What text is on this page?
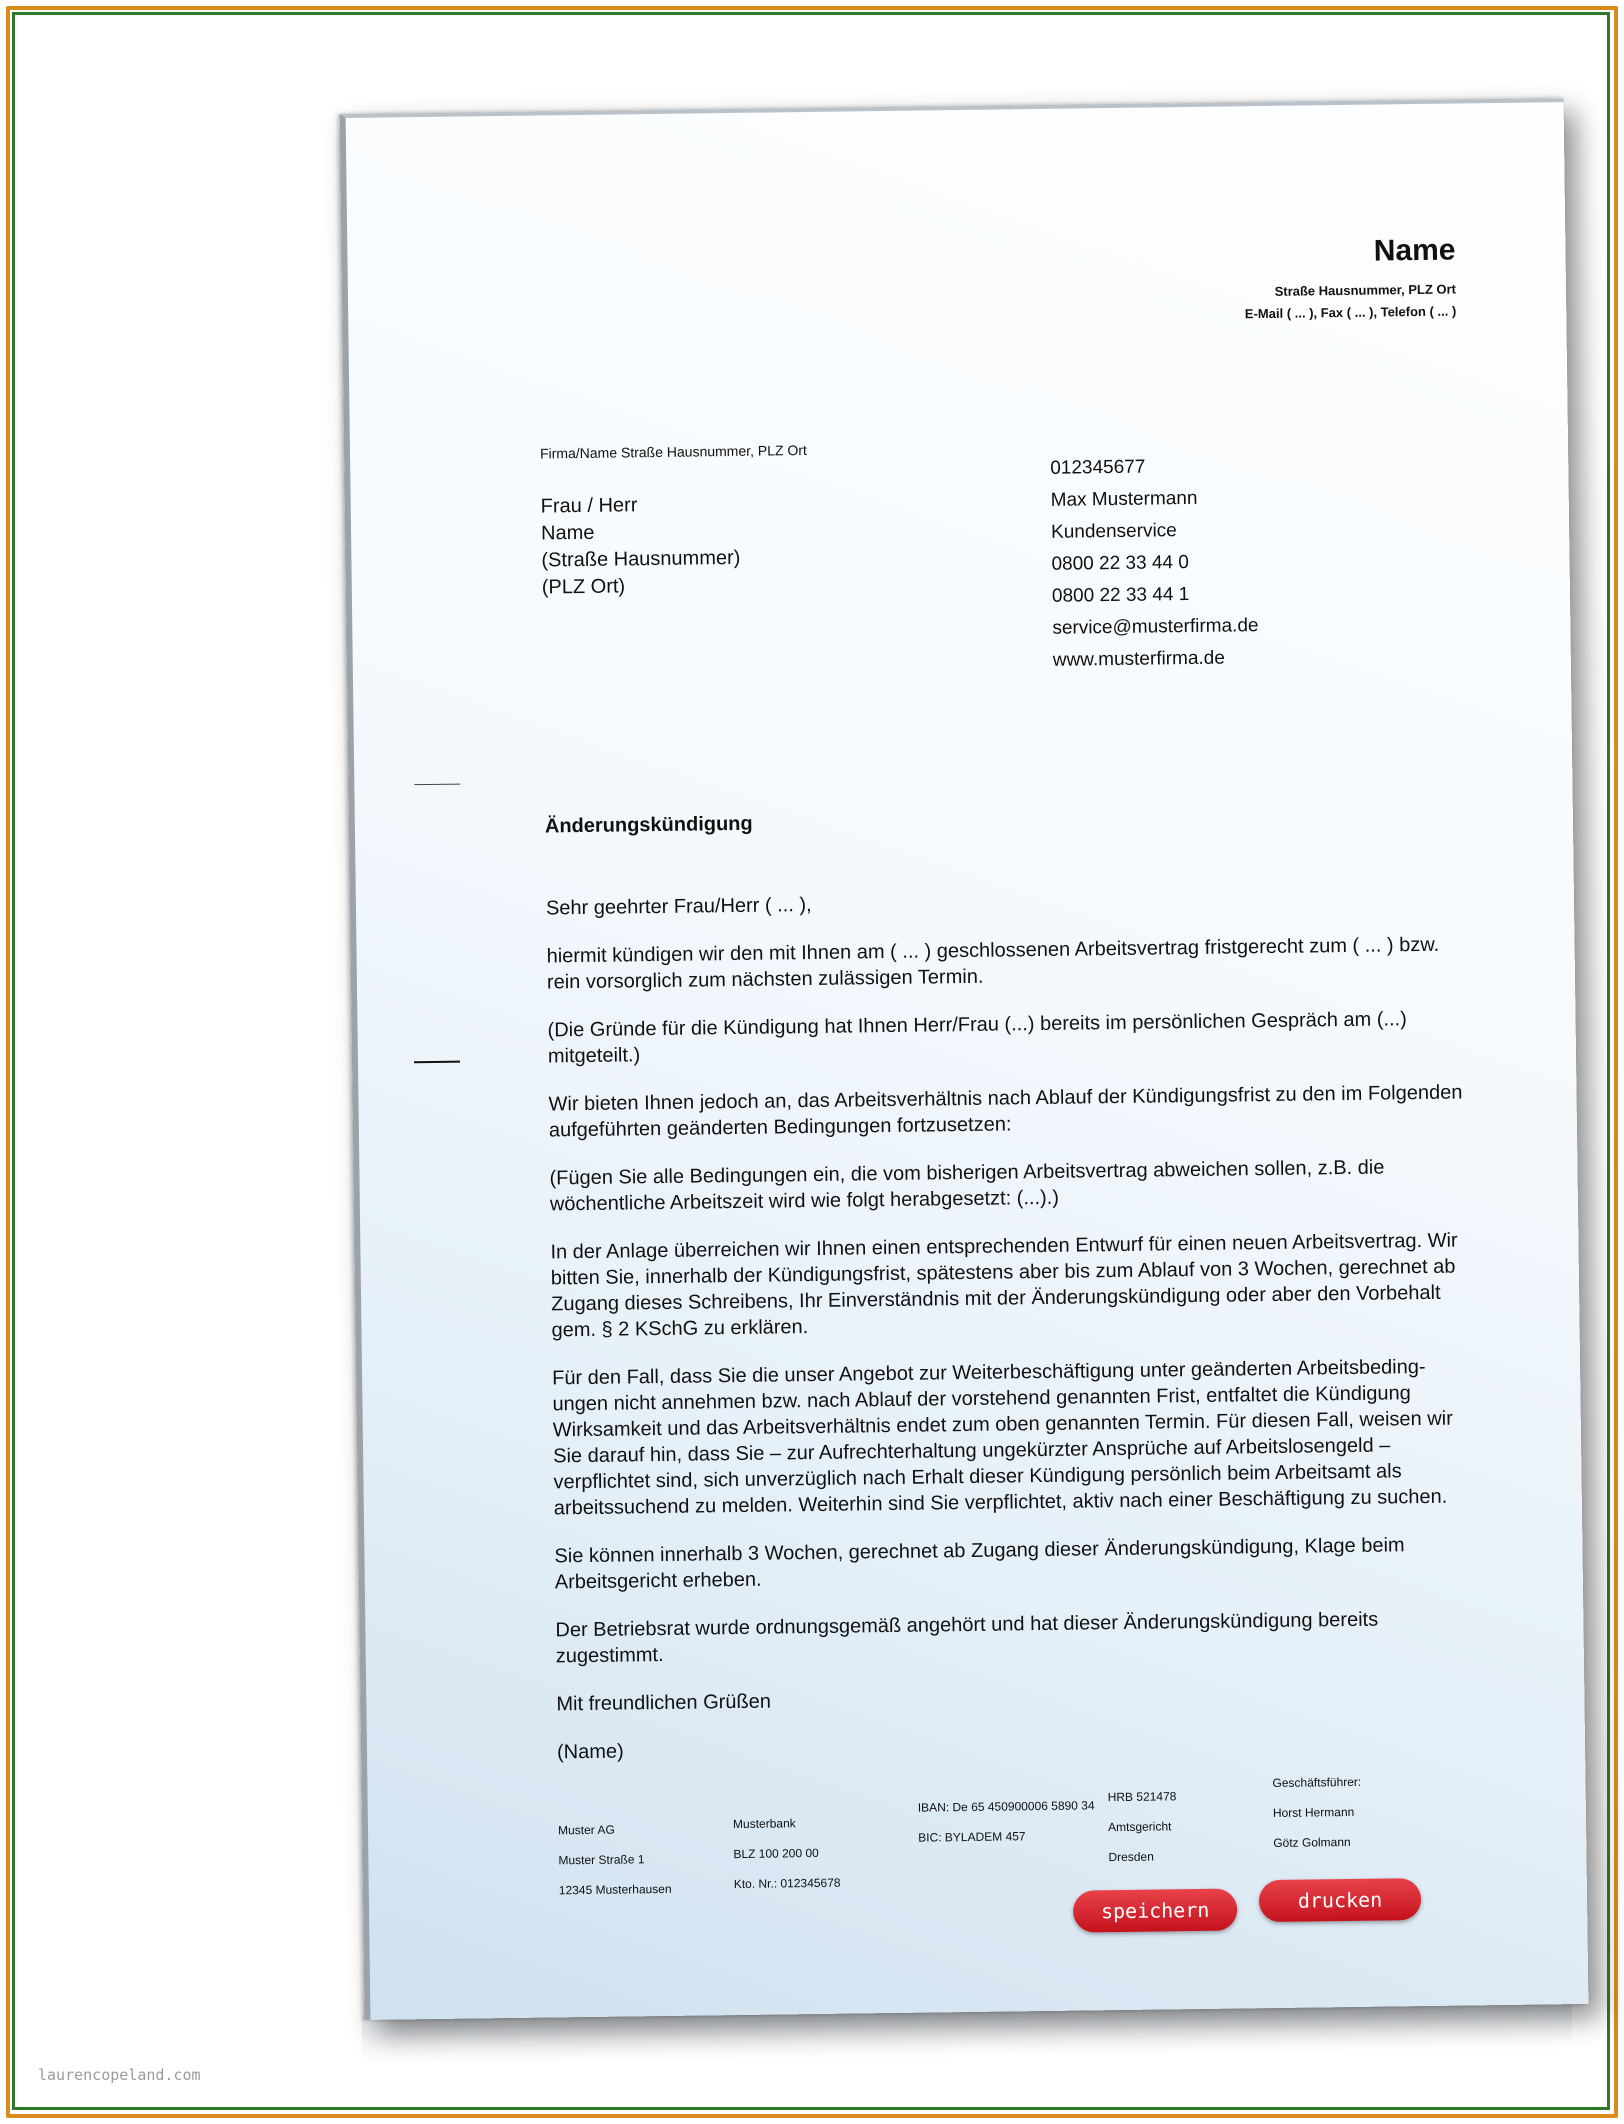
Name
Straße Hausnummer, PLZ Ort
E-Mail ( ... ), Fax ( ... ), Telefon ( ... )
Firma/Name Straße Hausnummer, PLZ Ort
Frau / Herr
Name
(Straße Hausnummer)
(PLZ Ort)
012345677
Max Mustermann
Kundenservice
0800 22 33 44 0
0800 22 33 44 1
service@musterfirma.de
www.musterfirma.de
Änderungskündigung

Sehr geehrter Frau/Herr ( ... ),

hiermit kündigen wir den mit Ihnen am ( ... ) geschlossenen Arbeitsvertrag fristgerecht zum ( ... ) bzw. rein vorsorglich zum nächsten zulässigen Termin.

(Die Gründe für die Kündigung hat Ihnen Herr/Frau (...) bereits im persönlichen Gespräch am (...) mitgeteilt.)

Wir bieten Ihnen jedoch an, das Arbeitsverhältnis nach Ablauf der Kündigungsfrist zu den im Folgenden aufgeführten geänderten Bedingungen fortzusetzen:

(Fügen Sie alle Bedingungen ein, die vom bisherigen Arbeitsvertrag abweichen sollen, z.B. die wöchentliche Arbeitszeit wird wie folgt herabgesetzt: (...).)

In der Anlage überreichen wir Ihnen einen entsprechenden Entwurf für einen neuen Arbeitsvertrag. Wir bitten Sie, innerhalb der Kündigungsfrist, spätestens aber bis zum Ablauf von 3 Wochen, gerechnet ab Zugang dieses Schreibens, Ihr Einverständnis mit der Änderungskündigung oder aber den Vorbehalt gem. § 2 KSchG zu erklären.

Für den Fall, dass Sie die unser Angebot zur Weiterbeschäftigung unter geänderten Arbeitsbeding-ungen nicht annehmen bzw. nach Ablauf der vorstehend genannten Frist, entfaltet die Kündigung Wirksamkeit und das Arbeitsverhältnis endet zum oben genannten Termin. Für diesen Fall, weisen wir Sie darauf hin, dass Sie – zur Aufrechterhaltung ungekürzter Ansprüche auf Arbeitslosengeld – verpflichtet sind, sich unverzüglich nach Erhalt dieser Kündigung persönlich beim Arbeitsamt als arbeitssuchend zu melden. Weiterhin sind Sie verpflichtet, aktiv nach einer Beschäftigung zu suchen.

Sie können innerhalb 3 Wochen, gerechnet ab Zugang dieser Änderungskündigung, Klage beim Arbeitsgericht erheben.

Der Betriebsrat wurde ordnungsgemäß angehört und hat dieser Änderungskündigung bereits zugestimmt.

Mit freundlichen Grüßen

(Name)

Muster AG
Muster Straße 1
12345 Musterhausen
Musterbank
BLZ 100 200 00
Kto. Nr.: 012345678
IBAN: De 65 450900006 5890 34
BIC: BYLADEM 457
HRB 521478
Amtsgericht
Dresden
Geschäftsführer:
Horst Hermann
Götz Golmann
speichern	drucken
laurencopeland.com
